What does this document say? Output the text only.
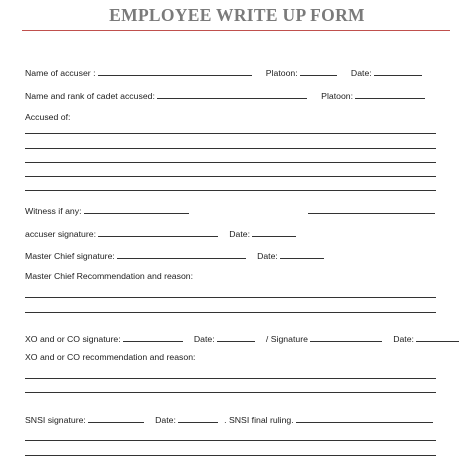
EMPLOYEE WRITE UP FORM
Name of accuser :	Platoon:	Date:
Name and rank of cadet accused:	Platoon:
Accused of:
Witness if any:
accuser signature:	Date:
Master Chief signature:	Date:
Master Chief Recommendation and reason:
XO and or CO signature:	Date:	/ Signature	Date:
XO and or CO recommendation and reason:
SNSI signature:	Date:	. SNSI final ruling.
